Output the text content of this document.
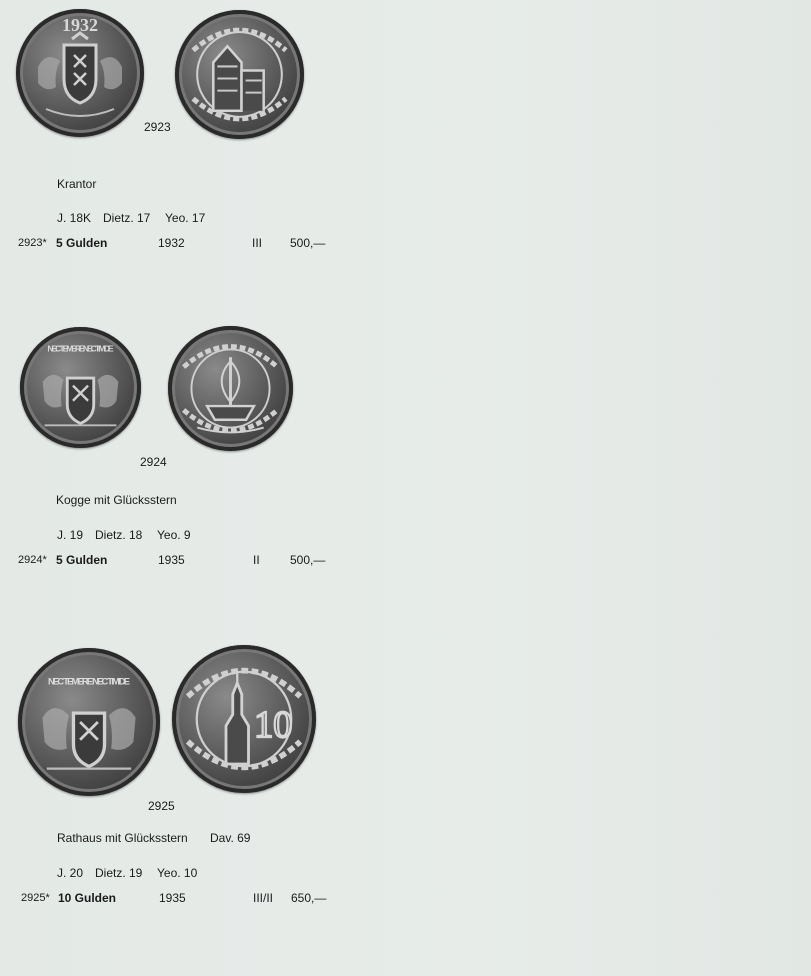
1932
2923
Krantor
J. 18K Dietz. 17 Yeo. 17
2923* 5 Gulden	1932	III 500,—
NEC TEMERE NEC TIMIDE
2924
Kogge mit Glücksstern
J. 19 Dietz. 18 Yeo. 9
2924* 5 Gulden	1935	II	500,—
NEC TEMERE NEC TIMIDE
10
2925
Rathaus mit Glücksstern Dav. 69
J. 20 Dietz. 19 Yeo. 10
2925* 10 Gulden	1935	III/II 650,—
